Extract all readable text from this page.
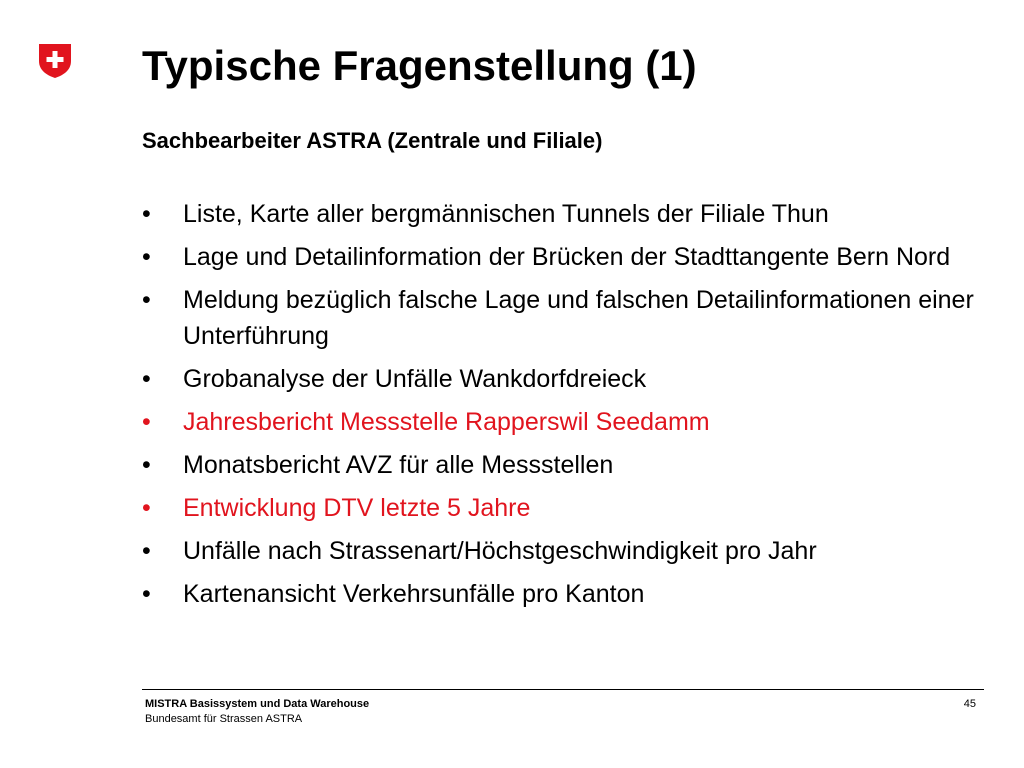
Typische Fragenstellung (1)
Sachbearbeiter ASTRA (Zentrale und Filiale)
•	Liste, Karte aller bergmännischen Tunnels der Filiale Thun
•	Lage und Detailinformation der Brücken der Stadttangente Bern Nord
•	Meldung bezüglich falsche Lage und falschen Detailinformationen einer Unterführung
•	Grobanalyse der Unfälle Wankdorfdreieck
•	Jahresbericht Messstelle Rapperswil Seedamm
•	Monatsbericht AVZ für alle Messstellen
•	Entwicklung DTV letzte 5 Jahre
•	Unfälle nach Strassenart/Höchstgeschwindigkeit pro Jahr
•	Kartenansicht Verkehrsunfälle pro Kanton
MISTRA Basissystem und Data Warehouse
Bundesamt für Strassen ASTRA
45
